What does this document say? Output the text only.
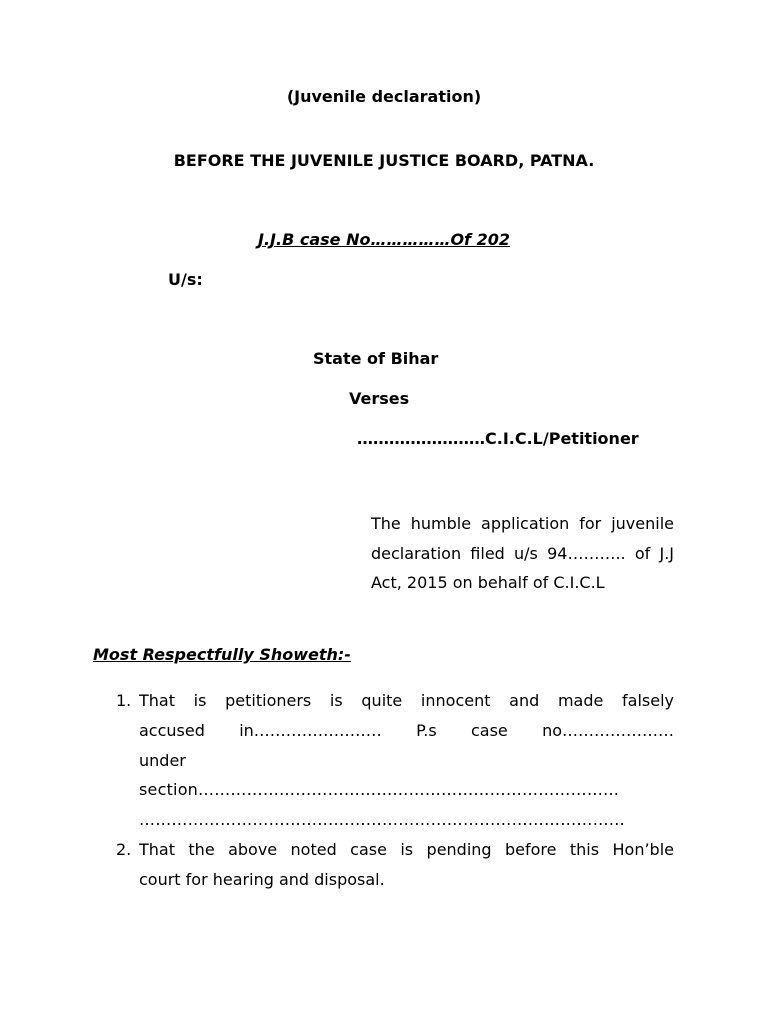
(Juvenile declaration)
BEFORE THE JUVENILE JUSTICE BOARD, PATNA.
J.J.B case No……………Of 202
U/s:
State of Bihar
Verses
……………………C.I.C.L/Petitioner
The humble application for juvenile declaration filed u/s 94……….. of J.J Act, 2015 on behalf of C.I.C.L
Most Respectfully Showeth:-
1. That is petitioners is quite innocent and made falsely
accused in…………………… P.s case no…………………
under
section……………………………………………………………………
………………………………………………………………………………
2. That the above noted case is pending before this Hon’ble
court for hearing and disposal.
